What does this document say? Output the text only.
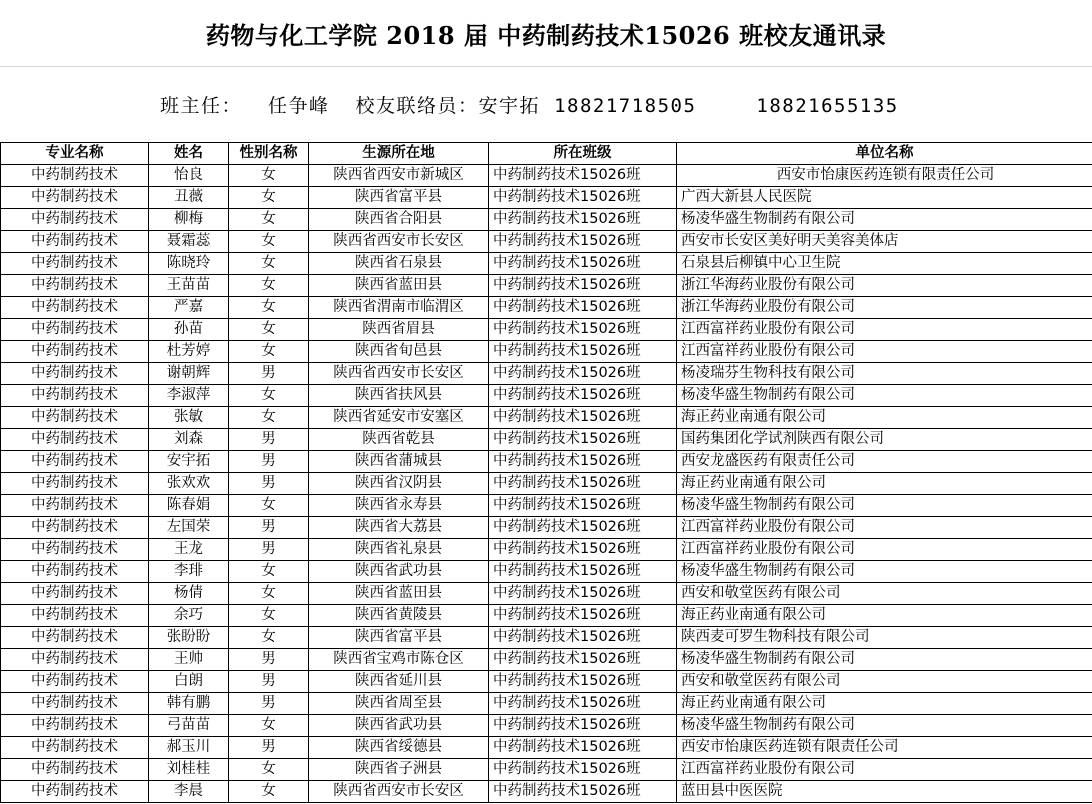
药物与化工学院 2018 届 中药制药技术15026 班校友通讯录
班主任： 任争峰 校友联络员：安宇拓 18821718505	18821655135
专业名称	姓名	性别名称	生源所在地	所在班级	单位名称
中药制药技术	怡良	女	陕西省西安市新城区	中药制药技术15026班	西安市怡康医药连锁有限责任公司
中药制药技术	丑薇	女	陕西省富平县	中药制药技术15026班	广西大新县人民医院
中药制药技术	柳梅	女	陕西省合阳县	中药制药技术15026班	杨凌华盛生物制药有限公司
中药制药技术	聂霜蕊	女	陕西省西安市长安区	中药制药技术15026班	西安市长安区美好明天美容美体店
中药制药技术	陈晓玲	女	陕西省石泉县	中药制药技术15026班	石泉县后柳镇中心卫生院
中药制药技术	王苗苗	女	陕西省蓝田县	中药制药技术15026班	浙江华海药业股份有限公司
中药制药技术	严嘉	女	陕西省渭南市临渭区	中药制药技术15026班	浙江华海药业股份有限公司
中药制药技术	孙苗	女	陕西省眉县	中药制药技术15026班	江西富祥药业股份有限公司
中药制药技术	杜芳婷	女	陕西省旬邑县	中药制药技术15026班	江西富祥药业股份有限公司
中药制药技术	谢朝辉	男	陕西省西安市长安区	中药制药技术15026班	杨凌瑞芬生物科技有限公司
中药制药技术	李淑萍	女	陕西省扶风县	中药制药技术15026班	杨凌华盛生物制药有限公司
中药制药技术	张敏	女	陕西省延安市安塞区	中药制药技术15026班	海正药业南通有限公司
中药制药技术	刘森	男	陕西省乾县	中药制药技术15026班	国药集团化学试剂陕西有限公司
中药制药技术	安宇拓	男	陕西省蒲城县	中药制药技术15026班	西安龙盛医药有限责任公司
中药制药技术	张欢欢	男	陕西省汉阴县	中药制药技术15026班	海正药业南通有限公司
中药制药技术	陈春娟	女	陕西省永寿县	中药制药技术15026班	杨凌华盛生物制药有限公司
中药制药技术	左国荣	男	陕西省大荔县	中药制药技术15026班	江西富祥药业股份有限公司
中药制药技术	王龙	男	陕西省礼泉县	中药制药技术15026班	江西富祥药业股份有限公司
中药制药技术	李琲	女	陕西省武功县	中药制药技术15026班	杨凌华盛生物制药有限公司
中药制药技术	杨倩	女	陕西省蓝田县	中药制药技术15026班	西安和敬堂医药有限公司
中药制药技术	余巧	女	陕西省黄陵县	中药制药技术15026班	海正药业南通有限公司
中药制药技术	张盼盼	女	陕西省富平县	中药制药技术15026班	陕西麦可罗生物科技有限公司
中药制药技术	王帅	男	陕西省宝鸡市陈仓区	中药制药技术15026班	杨凌华盛生物制药有限公司
中药制药技术	白朗	男	陕西省延川县	中药制药技术15026班	西安和敬堂医药有限公司
中药制药技术	韩有鹏	男	陕西省周至县	中药制药技术15026班	海正药业南通有限公司
中药制药技术	弓苗苗	女	陕西省武功县	中药制药技术15026班	杨凌华盛生物制药有限公司
中药制药技术	郝玉川	男	陕西省绥德县	中药制药技术15026班	西安市怡康医药连锁有限责任公司
中药制药技术	刘桂桂	女	陕西省子洲县	中药制药技术15026班	江西富祥药业股份有限公司
中药制药技术	李晨	女	陕西省西安市长安区	中药制药技术15026班	蓝田县中医医院
